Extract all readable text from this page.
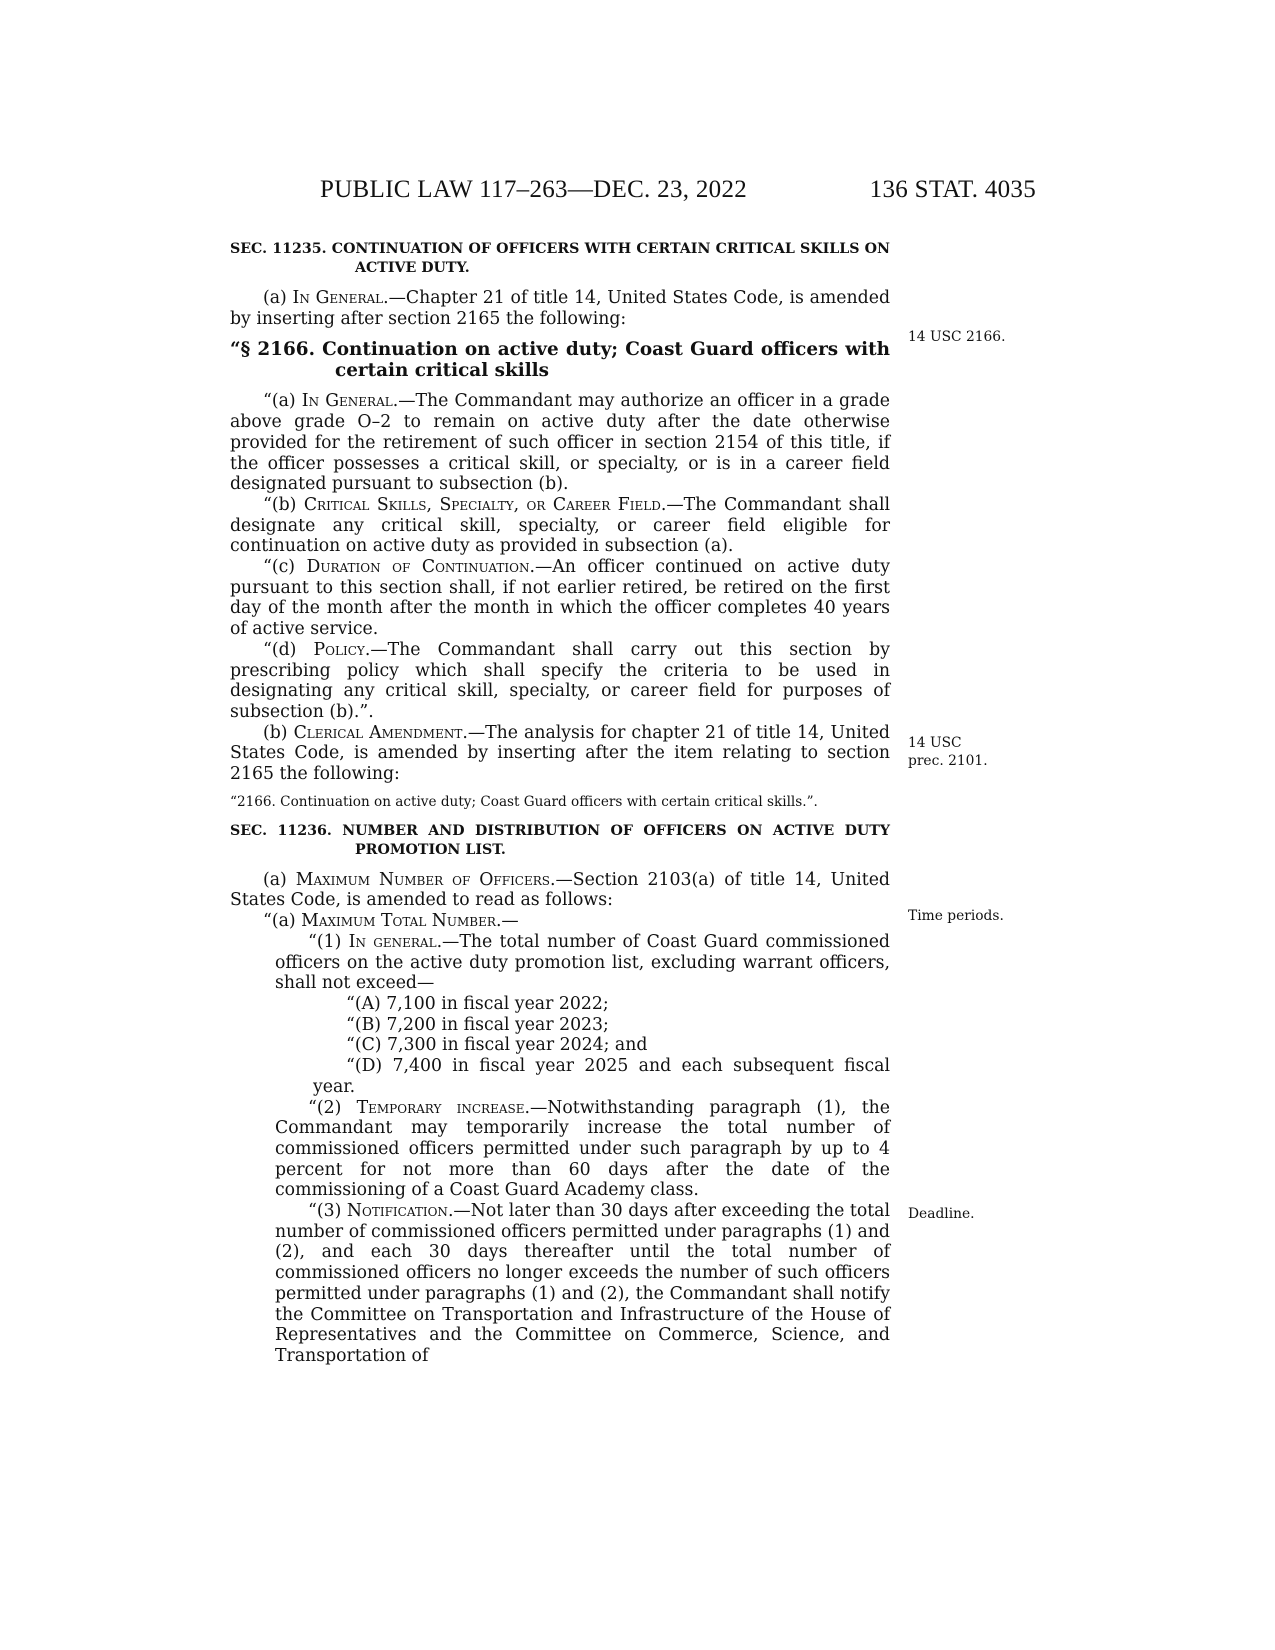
PUBLIC LAW 117–263—DEC. 23, 2022	136 STAT. 4035
SEC. 11235. CONTINUATION OF OFFICERS WITH CERTAIN CRITICAL SKILLS ON ACTIVE DUTY.

(a) In General.—Chapter 21 of title 14, United States Code, is amended by inserting after section 2165 the following:

“§ 2166. Continuation on active duty; Coast Guard officers with certain critical skills

“(a) In General.—The Commandant may authorize an officer in a grade above grade O–2 to remain on active duty after the date otherwise provided for the retirement of such officer in section 2154 of this title, if the officer possesses a critical skill, or specialty, or is in a career field designated pursuant to subsection (b).

“(b) Critical Skills, Specialty, or Career Field.—The Commandant shall designate any critical skill, specialty, or career field eligible for continuation on active duty as provided in subsection (a).

“(c) Duration of Continuation.—An officer continued on active duty pursuant to this section shall, if not earlier retired, be retired on the first day of the month after the month in which the officer completes 40 years of active service.

“(d) Policy.—The Commandant shall carry out this section by prescribing policy which shall specify the criteria to be used in designating any critical skill, specialty, or career field for purposes of subsection (b).”.

(b) Clerical Amendment.—The analysis for chapter 21 of title 14, United States Code, is amended by inserting after the item relating to section 2165 the following:

“2166. Continuation on active duty; Coast Guard officers with certain critical skills.”.
SEC. 11236. NUMBER AND DISTRIBUTION OF OFFICERS ON ACTIVE DUTY PROMOTION LIST.

(a) Maximum Number of Officers.—Section 2103(a) of title 14, United States Code, is amended to read as follows:

“(a) Maximum Total Number.—

“(1) In general.—The total number of Coast Guard commissioned officers on the active duty promotion list, excluding warrant officers, shall not exceed—

“(A) 7,100 in fiscal year 2022;

“(B) 7,200 in fiscal year 2023;

“(C) 7,300 in fiscal year 2024; and

“(D) 7,400 in fiscal year 2025 and each subsequent fiscal year.

“(2) Temporary increase.—Notwithstanding paragraph (1), the Commandant may temporarily increase the total number of commissioned officers permitted under such paragraph by up to 4 percent for not more than 60 days after the date of the commissioning of a Coast Guard Academy class.

“(3) Notification.—Not later than 30 days after exceeding the total number of commissioned officers permitted under paragraphs (1) and (2), and each 30 days thereafter until the total number of commissioned officers no longer exceeds the number of such officers permitted under paragraphs (1) and (2), the Commandant shall notify the Committee on Transportation and Infrastructure of the House of Representatives and the Committee on Commerce, Science, and Transportation of

14 USC 2166.
14 USC
prec. 2101.
Time periods.
Deadline.
